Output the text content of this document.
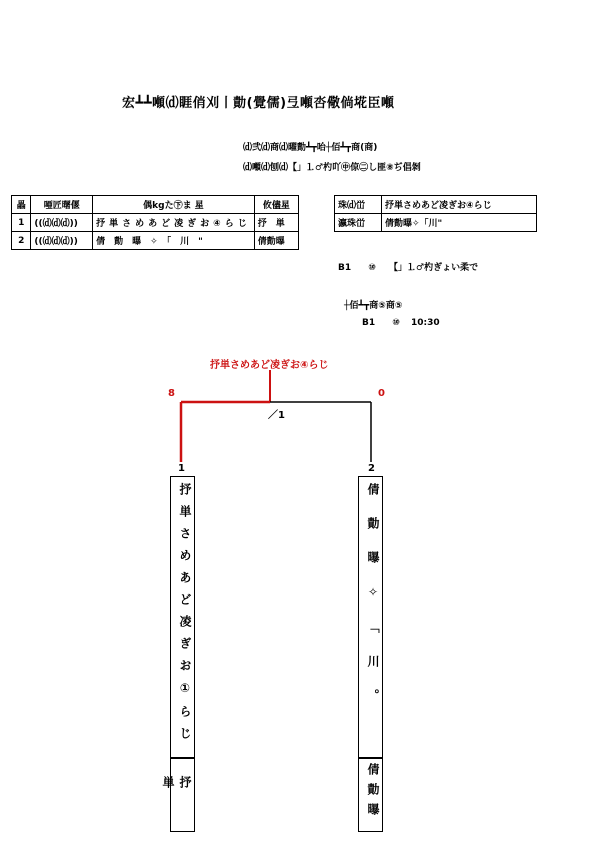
宏┻┻噸⒟睚俏刈丨勣(覺儒)弖噸呇儆倘埖臣噸
⒟弐⒟商⒟曜勣┻┳咍┼佰┻┳商(商)
⒟噸⒟刨⒟【」⒈♂杓吖㊥倞㊁し匪⑧ぢ倡剝
畾	唖匠曙偃	偶kgた㊦ま 星	攸儘星
1	((⒟⒟⒟))	抒単さめあど凌ぎお④らじ	抒　単
2	((⒟⒟⒟))	倩　勣　曝　✧　「　川　"	倩勣曝
珠⒟峃	抒単さめあど凌ぎお④らじ
瀛珠峃	倩勣曝✧「川"
B1 ⑩ 【」⒈♂杓ぎょい柔で
┼佰┻┳商⑤商⑤
B1 ⑩ 10:30
抒単さめあど凌ぎお④らじ
8	0
／1
1	2
抒単さめあど凌ぎお①らじ
抒単
倩勣曝✧「川。
倩勣曝
